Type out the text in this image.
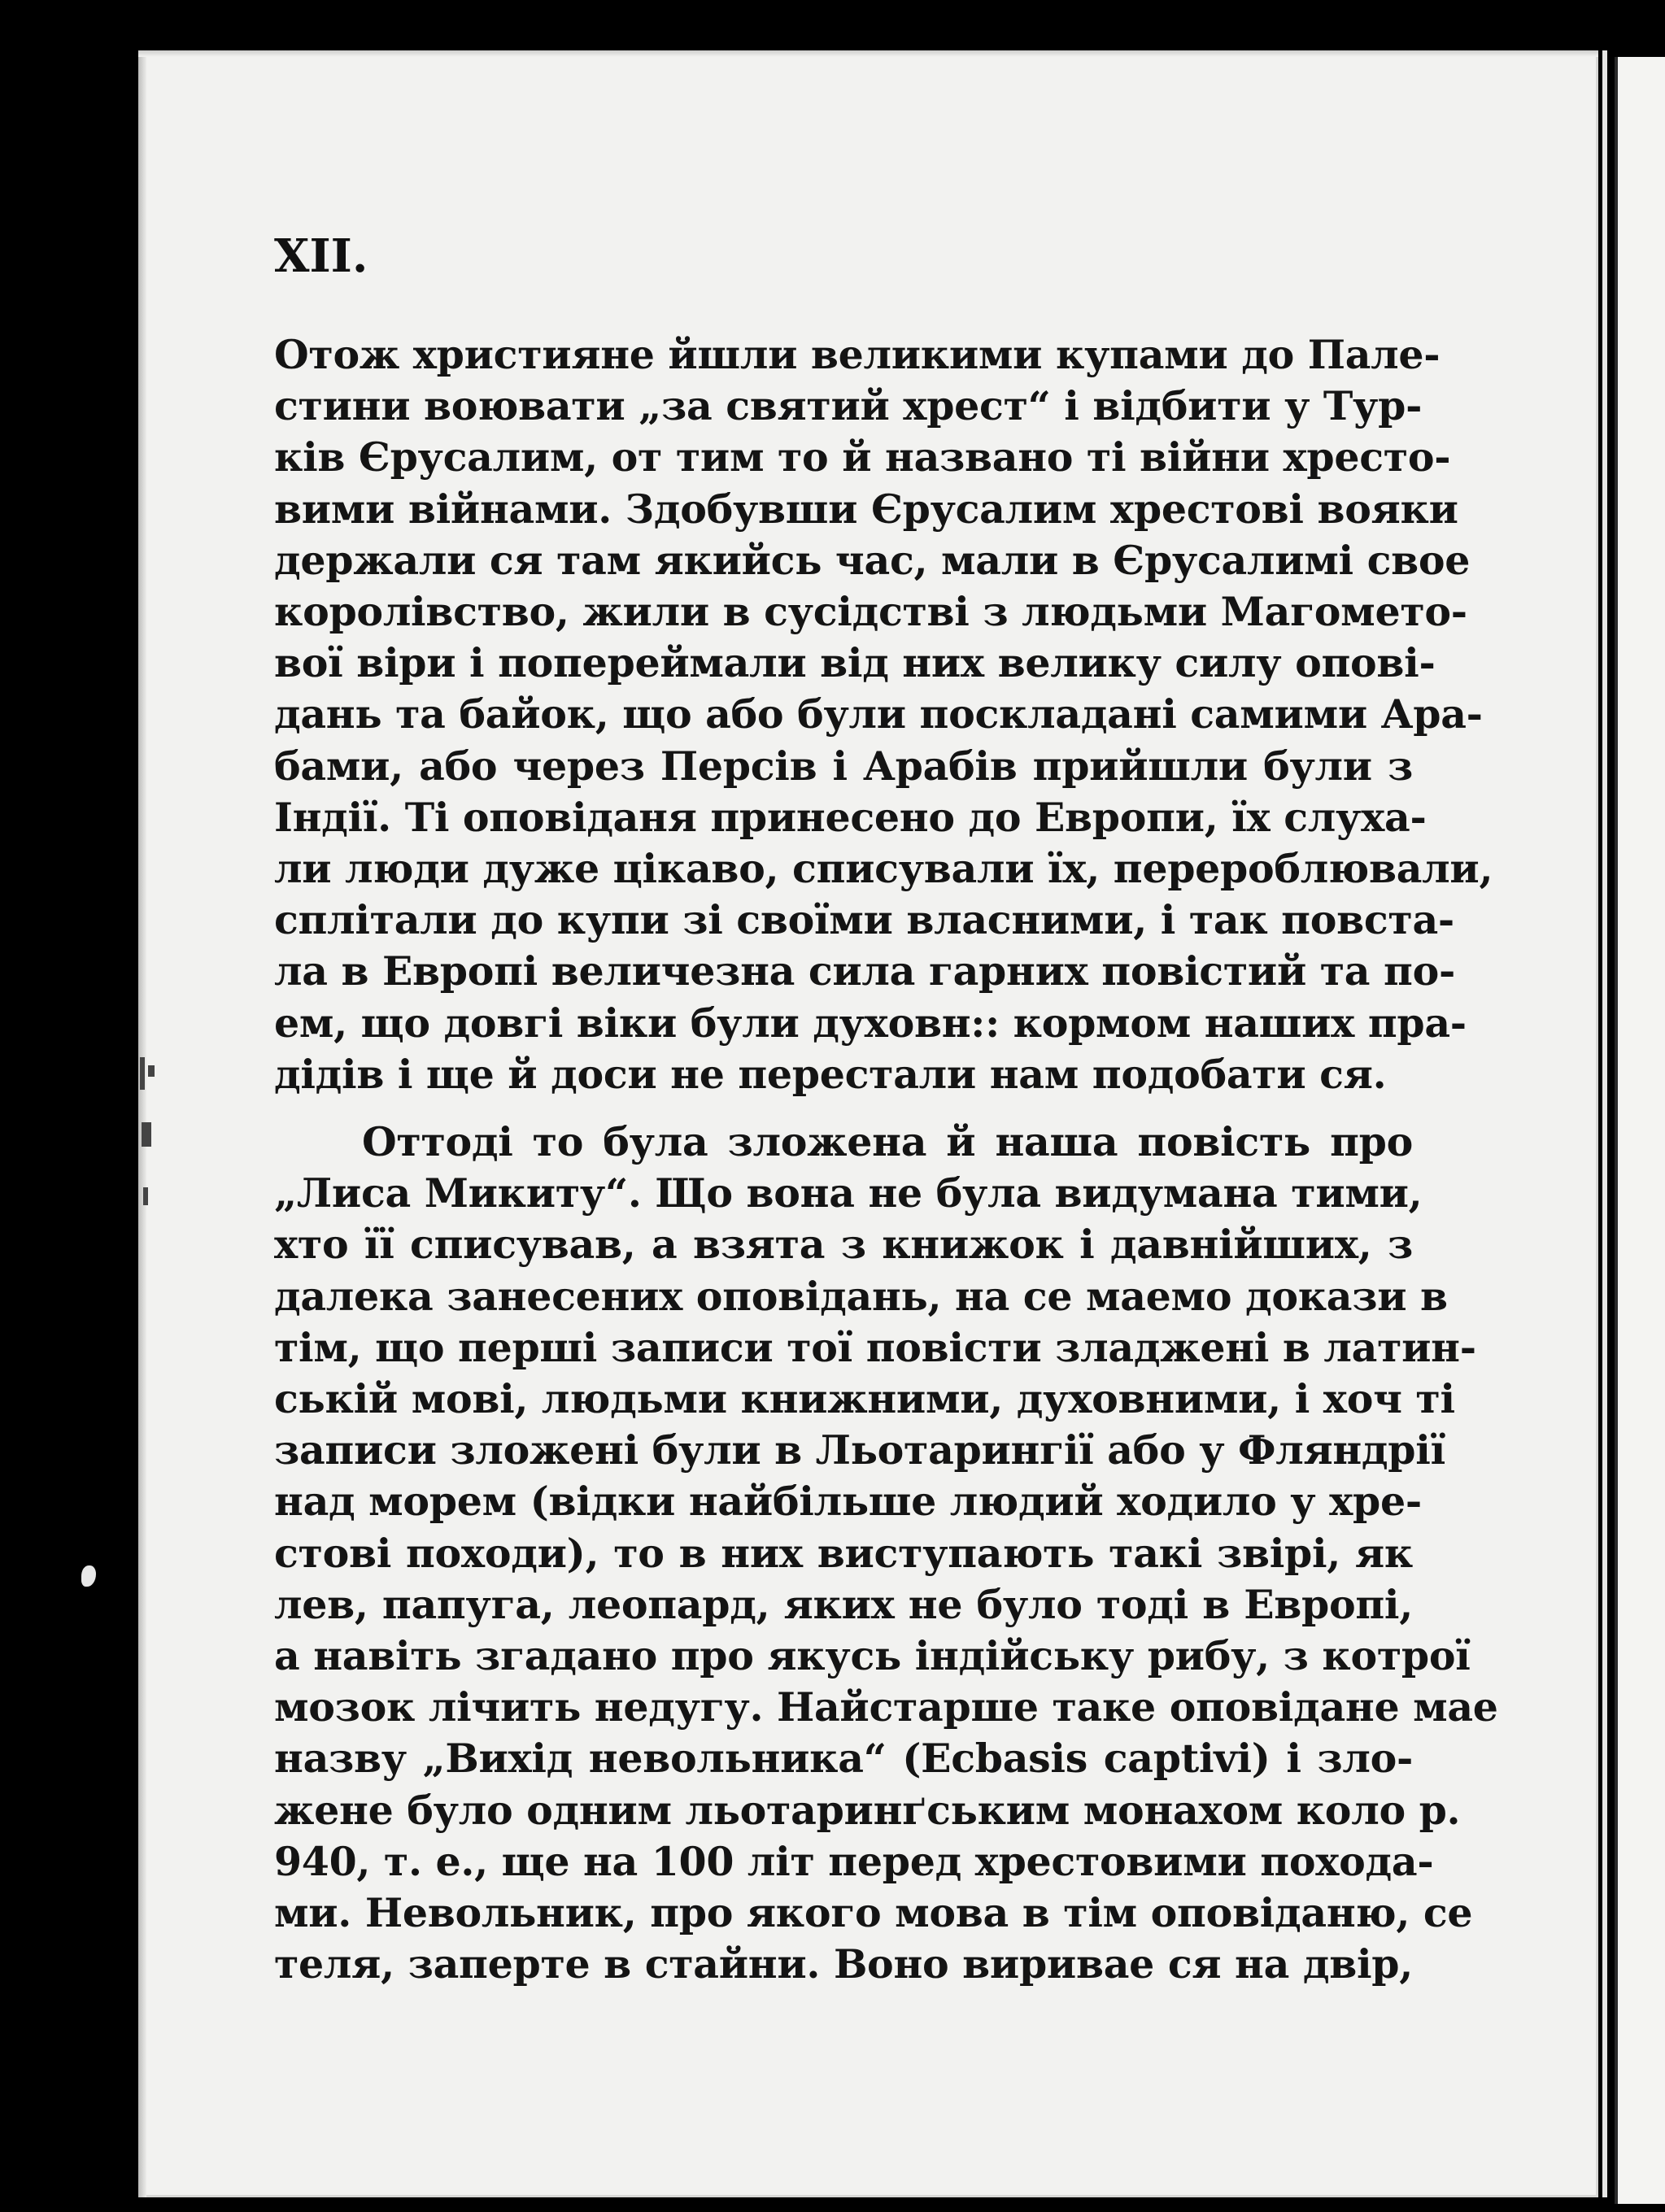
XII.
Отож християне йшли великими купами до Пале-
стини воювати „за святий хрест“ і відбити у Тур-
ків Єрусалим, от тим то й названо ті війни хресто-
вими війнами. Здобувши Єрусалим хрестові вояки
держали ся там якийсь час, мали в Єрусалимі свое
королівство, жили в сусідстві з людьми Магомето-
вої віри і попереймали від них велику силу опові-
дань та байок, що або були поскладані самими Ара-
бами, або через Персів і Арабів прийшли були з
Індії. Ті оповіданя принесено до Европи, їх слуха-
ли люди дуже цікаво, списували їх, перероблювали,
сплітали до купи зі своїми власними, і так повста-
ла в Европі величезна сила гарних повістий та по-
ем, що довгі віки були духовн:: кормом наших пра-
дідів і ще й доси не перестали нам подобати ся.
Оттоді то була зложена й наша повість про
„Лиса Микиту“. Що вона не була видумана тими,
хто її списував, а взята з книжок і давнійших, з
далека занесених оповідань, на се маемо докази в
тім, що перші записи тої повісти зладжені в латин-
ській мові, людьми книжними, духовними, і хоч ті
записи зложені були в Льотарингії або у Фляндрії
над морем (відки найбільше людий ходило у хре-
стові походи), то в них виступають такі звірі, як
лев, папуга, леопард, яких не було тоді в Европі,
а навіть згадано про якусь індійську рибу, з котрої
мозок лічить недугу. Найстарше таке оповідане мае
назву „Вихід невольника“ (Ecbasis captivi) і зло-
жене було одним льотаринґським монахом коло р.
940, т. е., ще на 100 літ перед хрестовими похода-
ми. Невольник, про якого мова в тім оповіданю, се
теля, заперте в стайни. Воно виривае ся на двір,
